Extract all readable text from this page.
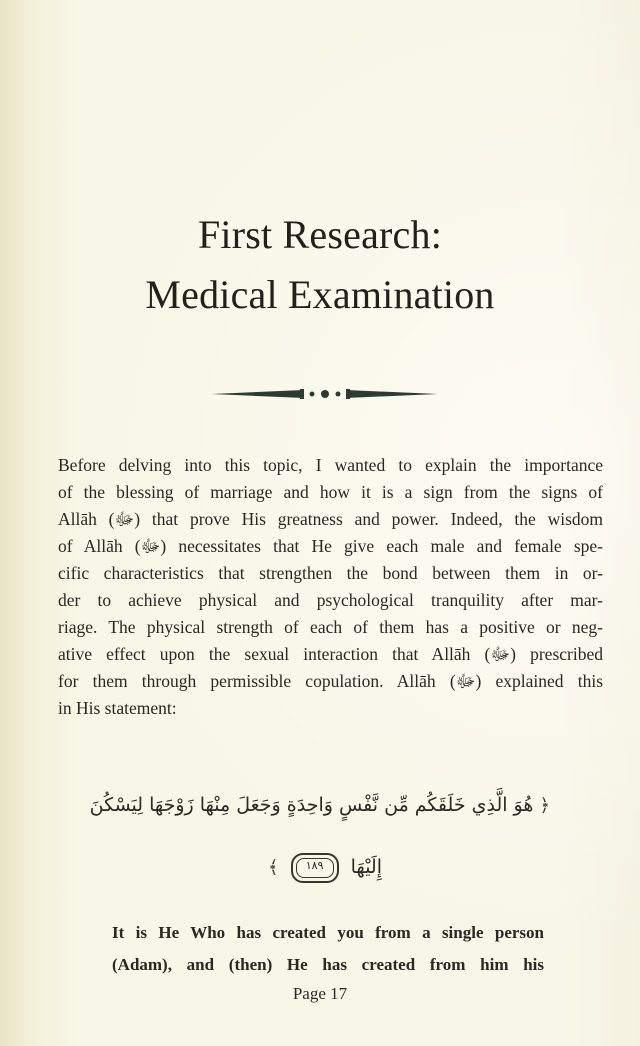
First Research:
Medical Examination
Before delving into this topic, I wanted to explain the importance
of the blessing of marriage and how it is a sign from the signs of
Allāh (ﷻ) that prove His greatness and power. Indeed, the wisdom
of Allāh (ﷻ) necessitates that He give each male and female spe-
cific characteristics that strengthen the bond between them in or-
der to achieve physical and psychological tranquility after mar-
riage. The physical strength of each of them has a positive or neg-
ative effect upon the sexual interaction that Allāh (ﷻ) prescribed
for them through permissible copulation. Allāh (ﷻ) explained this
in His statement:
﴿ هُوَ الَّذِي خَلَقَكُم مِّن نَّفْسٍ وَاحِدَةٍ وَجَعَلَ مِنْهَا زَوْجَهَا لِيَسْكُنَ
إِلَيْهَا ١٨٩ ﴾
It is He Who has created you from a single person
(Adam), and (then) He has created from him his
Page 17
